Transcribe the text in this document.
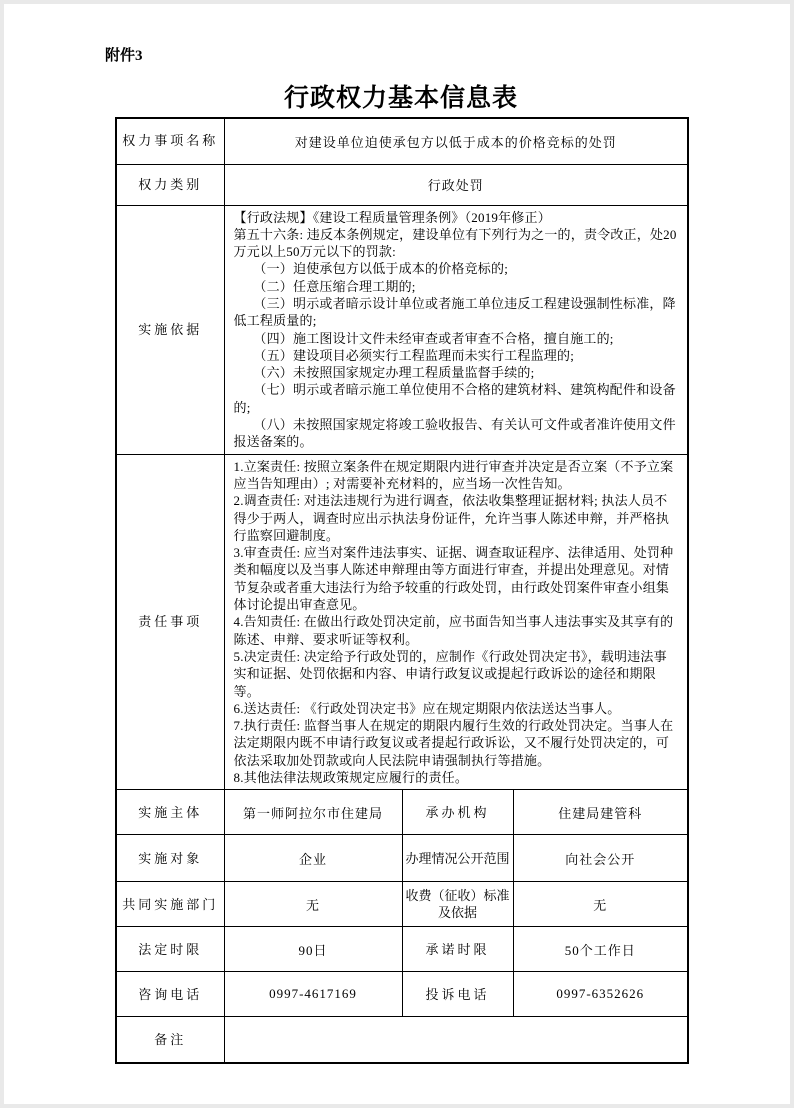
附件3
行政权力基本信息表
权力事项名称	对建设单位迫使承包方以低于成本的价格竞标的处罚		
权力类别	行政处罚		
实施依据	【行政法规】《建设工程质量管理条例》（2019年修正）
第五十六条: 违反本条例规定，建设单位有下列行为之一的，责令改正，处20万元以上50万元以下的罚款:
　　（一）迫使承包方以低于成本的价格竞标的;
　　（二）任意压缩合理工期的;
　　（三）明示或者暗示设计单位或者施工单位违反工程建设强制性标准，降低工程质量的;
　　（四）施工图设计文件未经审查或者审查不合格，擅自施工的;
　　（五）建设项目必须实行工程监理而未实行工程监理的;
　　（六）未按照国家规定办理工程质量监督手续的;
　　（七）明示或者暗示施工单位使用不合格的建筑材料、建筑构配件和设备的;
　　（八）未按照国家规定将竣工验收报告、有关认可文件或者准许使用文件报送备案的。
责任事项	1.立案责任: 按照立案条件在规定期限内进行审查并决定是否立案（不予立案应当告知理由）; 对需要补充材料的，应当场一次性告知。
2.调查责任: 对违法违规行为进行调查，依法收集整理证据材料; 执法人员不得少于两人，调查时应出示执法身份证件，允许当事人陈述申辩，并严格执行监察回避制度。
3.审查责任: 应当对案件违法事实、证据、调查取证程序、法律适用、处罚种类和幅度以及当事人陈述申辩理由等方面进行审查，并提出处理意见。对情节复杂或者重大违法行为给予较重的行政处罚，由行政处罚案件审查小组集体讨论提出审查意见。
4.告知责任: 在做出行政处罚决定前，应书面告知当事人违法事实及其享有的陈述、申辩、要求听证等权利。
5.决定责任: 决定给予行政处罚的，应制作《行政处罚决定书》，载明违法事实和证据、处罚依据和内容、申请行政复议或提起行政诉讼的途径和期限等。
6.送达责任: 《行政处罚决定书》应在规定期限内依法送达当事人。
7.执行责任: 监督当事人在规定的期限内履行生效的行政处罚决定。当事人在法定期限内既不申请行政复议或者提起行政诉讼，又不履行处罚决定的，可依法采取加处罚款或向人民法院申请强制执行等措施。
8.其他法律法规政策规定应履行的责任。
实施主体	第一师阿拉尔市住建局	承办机构	住建局建管科
实施对象	企业	办理情况公开范围	向社会公开
共同实施部门	无	收费（征收）标准及依据	无
法定时限	90日	承诺时限	50个工作日
咨询电话	0997-4617169	投诉电话	0997-6352626
备注			
